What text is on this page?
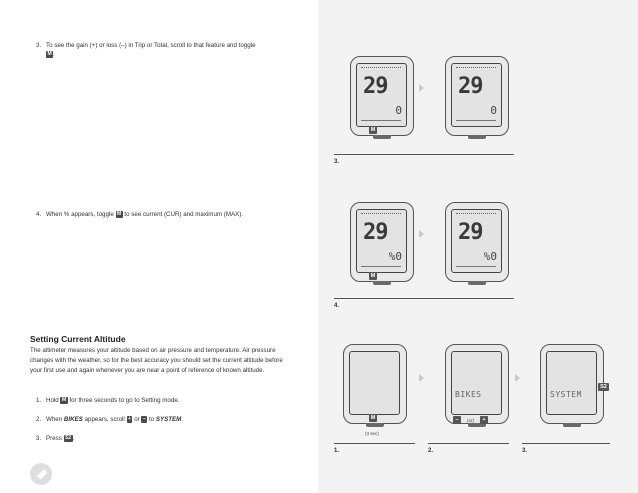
3. To see the gain (+) or loss (–) in Trip or Total, scroll to that feature and toggle
M .
4. When % appears, toggle M to see current (CUR) and maximum (MAX).
Setting Current Altitude
The altimeter measures your altitude based on air pressure and temperature. Air pressure changes with the weather, so for the best accuracy you should set the current altitude before your first use and again whenever you are near a point of reference of known altitude.
1. Hold M for three seconds to go to Setting mode.
2. When BIKES appears, scroll + or – to SYSTEM.
3. Press S2 .
29
0
M
29
0
3.
29
%0
M
29
%0
4.
M
(3 sec)
BIKES
–	(or)	+
SYSTEM
S2
1.	2.	3.
